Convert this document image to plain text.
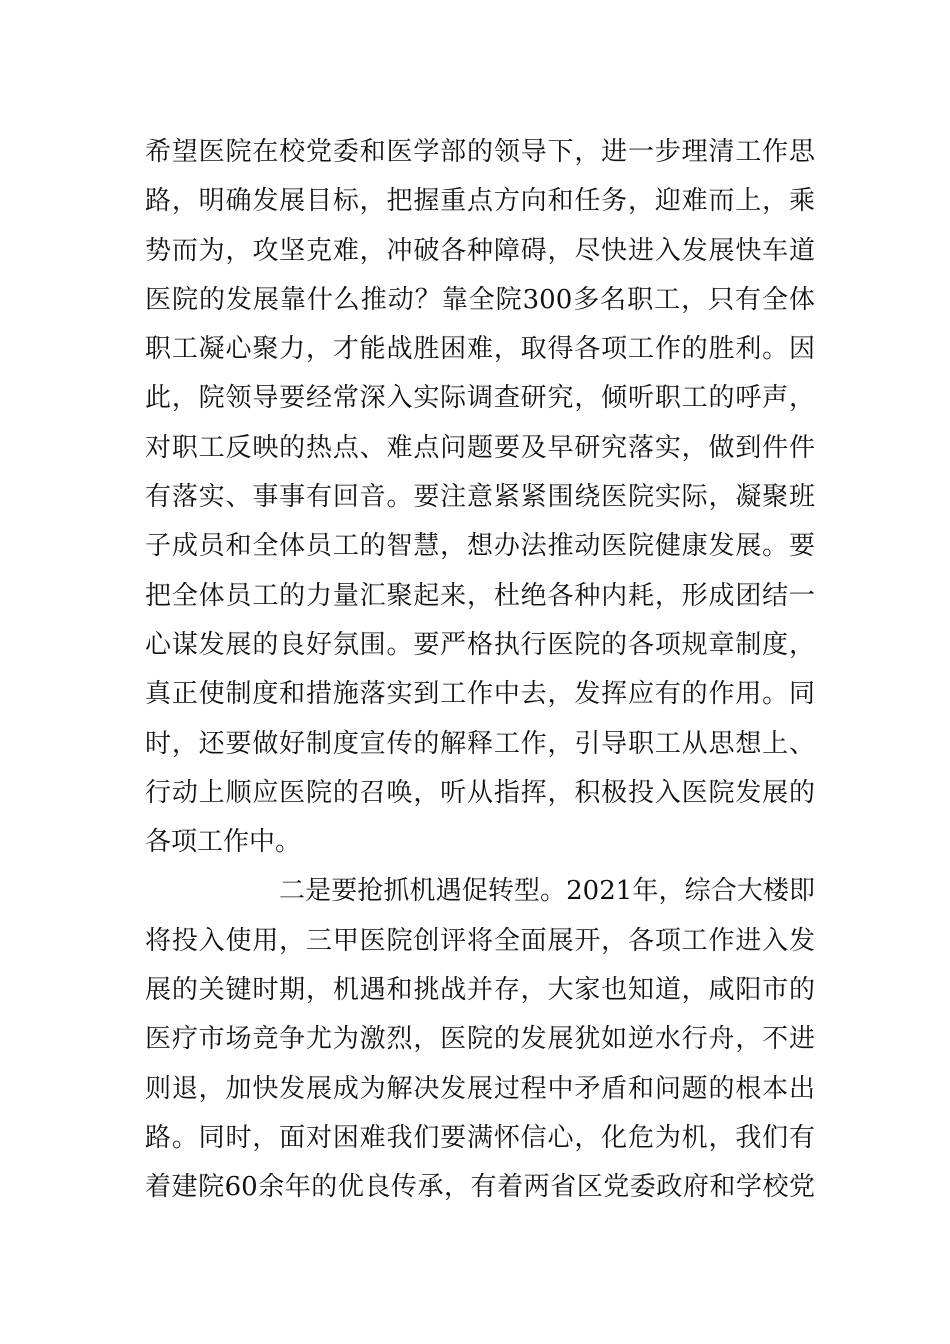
希望医院在校党委和医学部的领导下，进一步理清工作思
路，明确发展目标，把握重点方向和任务，迎难而上，乘
势而为，攻坚克难，冲破各种障碍，尽快进入发展快车道
医院的发展靠什么推动？靠全院300多名职工，只有全体
职工凝心聚力，才能战胜困难，取得各项工作的胜利。因
此，院领导要经常深入实际调查研究，倾听职工的呼声，
对职工反映的热点、难点问题要及早研究落实，做到件件
有落实、事事有回音。要注意紧紧围绕医院实际，凝聚班
子成员和全体员工的智慧，想办法推动医院健康发展。要
把全体员工的力量汇聚起来，杜绝各种内耗，形成团结一
心谋发展的良好氛围。要严格执行医院的各项规章制度，
真正使制度和措施落实到工作中去，发挥应有的作用。同
时，还要做好制度宣传的解释工作，引导职工从思想上、
行动上顺应医院的召唤，听从指挥，积极投入医院发展的
各项工作中。
二是要抢抓机遇促转型。2021年，综合大楼即
将投入使用，三甲医院创评将全面展开，各项工作进入发
展的关键时期，机遇和挑战并存，大家也知道，咸阳市的
医疗市场竞争尤为激烈，医院的发展犹如逆水行舟，不进
则退，加快发展成为解决发展过程中矛盾和问题的根本出
路。同时，面对困难我们要满怀信心，化危为机，我们有
着建院60余年的优良传承，有着两省区党委政府和学校党
